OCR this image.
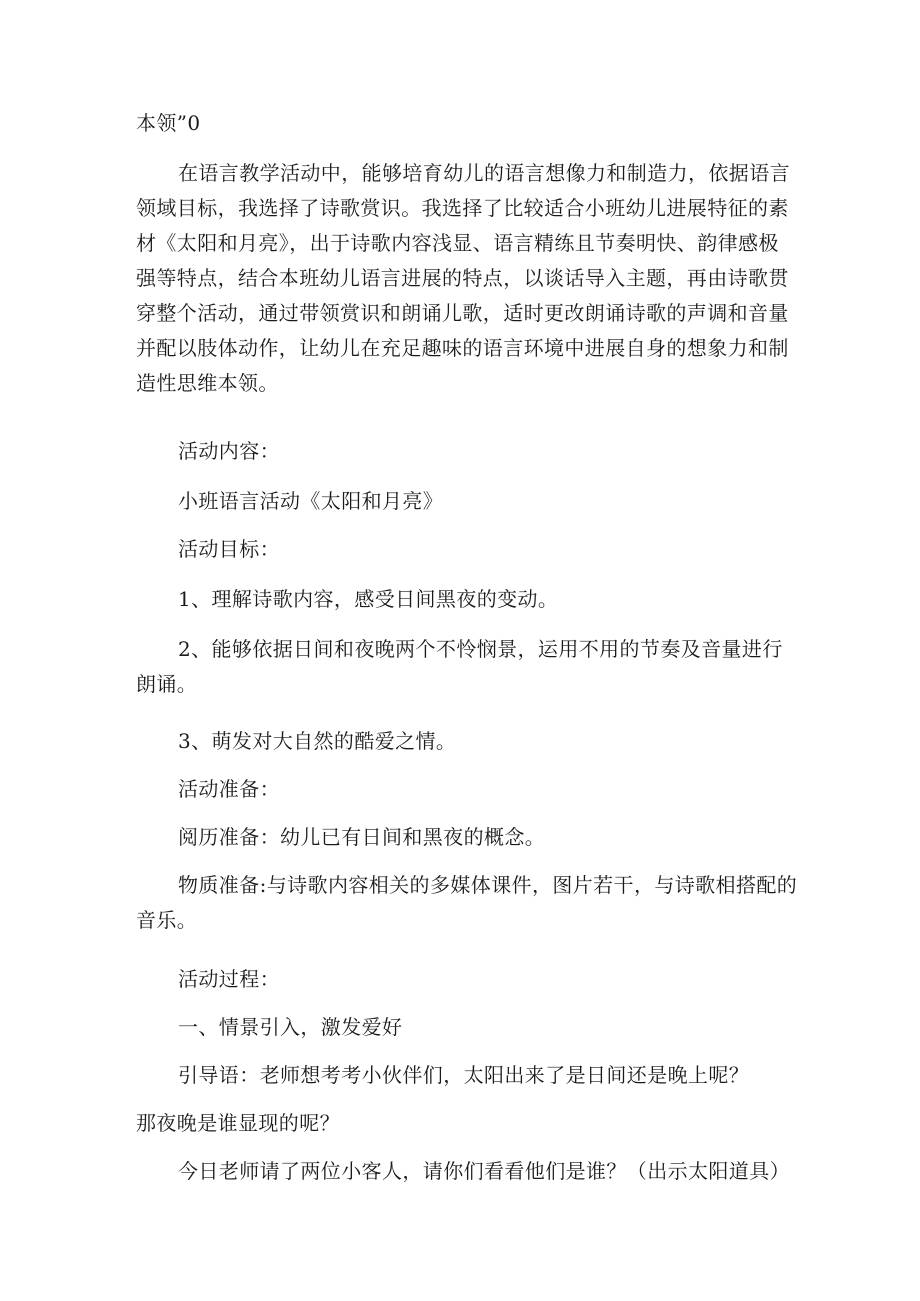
本领”0

在语言教学活动中，能够培育幼儿的语言想像力和制造力，依据语言领域目标，我选择了诗歌赏识。我选择了比较适合小班幼儿进展特征的素材《太阳和月亮》，出于诗歌内容浅显、语言精练且节奏明快、韵律感极强等特点，结合本班幼儿语言进展的特点，以谈话导入主题，再由诗歌贯穿整个活动，通过带领赏识和朗诵儿歌，适时更改朗诵诗歌的声调和音量并配以肢体动作，让幼儿在充足趣味的语言环境中进展自身的想象力和制造性思维本领。

活动内容：

小班语言活动《太阳和月亮》

活动目标：

1、理解诗歌内容，感受日间黑夜的变动。

2、能够依据日间和夜晚两个不怜悯景，运用不用的节奏及音量进行朗诵。

3、萌发对大自然的酷爱之情。

活动准备：

阅历准备：幼儿已有日间和黑夜的概念。

物质准备:与诗歌内容相关的多媒体课件，图片若干，与诗歌相搭配的音乐。

活动过程：

一、情景引入，激发爱好

引导语：老师想考考小伙伴们，太阳出来了是日间还是晚上呢？

那夜晚是谁显现的呢？

今日老师请了两位小客人，请你们看看他们是谁？（出示太阳道具）
